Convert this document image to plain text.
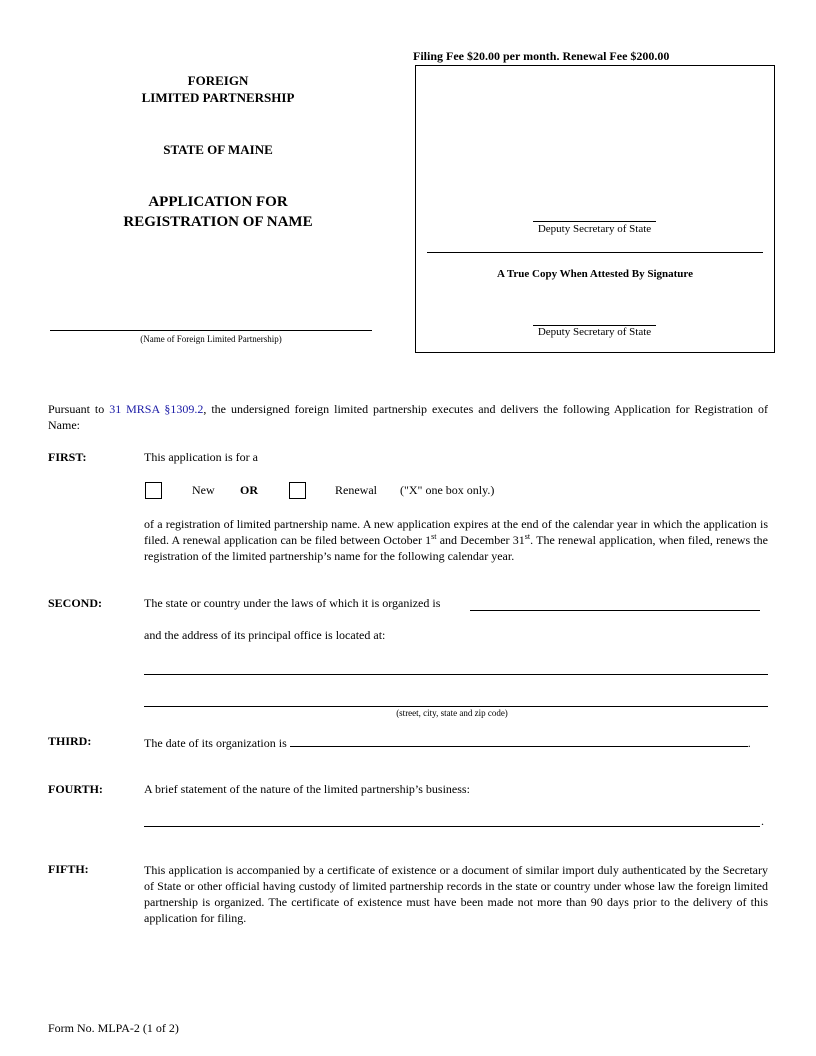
Filing Fee $20.00 per month. Renewal Fee $200.00
FOREIGN
LIMITED PARTNERSHIP
STATE OF MAINE
APPLICATION FOR
REGISTRATION OF NAME
(Name of Foreign Limited Partnership)
Deputy Secretary of State
A True Copy When Attested By Signature
Deputy Secretary of State
Pursuant to 31 MRSA §1309.2, the undersigned foreign limited partnership executes and delivers the following Application for Registration of Name:
FIRST:	This application is for a
New OR	Renewal ("X" one box only.)
of a registration of limited partnership name. A new application expires at the end of the calendar year in which the application is filed. A renewal application can be filed between October 1st and December 31st. The renewal application, when filed, renews the registration of the limited partnership’s name for the following calendar year.
SECOND:	The state or country under the laws of which it is organized is
and the address of its principal office is located at:
(street, city, state and zip code)
THIRD:	The date of its organization is	.
FOURTH:	A brief statement of the nature of the limited partnership’s business:
.
FIFTH:	This application is accompanied by a certificate of existence or a document of similar import duly authenticated by the Secretary of State or other official having custody of limited partnership records in the state or country under whose law the foreign limited partnership is organized. The certificate of existence must have been made not more than 90 days prior to the delivery of this application for filing.
Form No. MLPA-2 (1 of 2)
